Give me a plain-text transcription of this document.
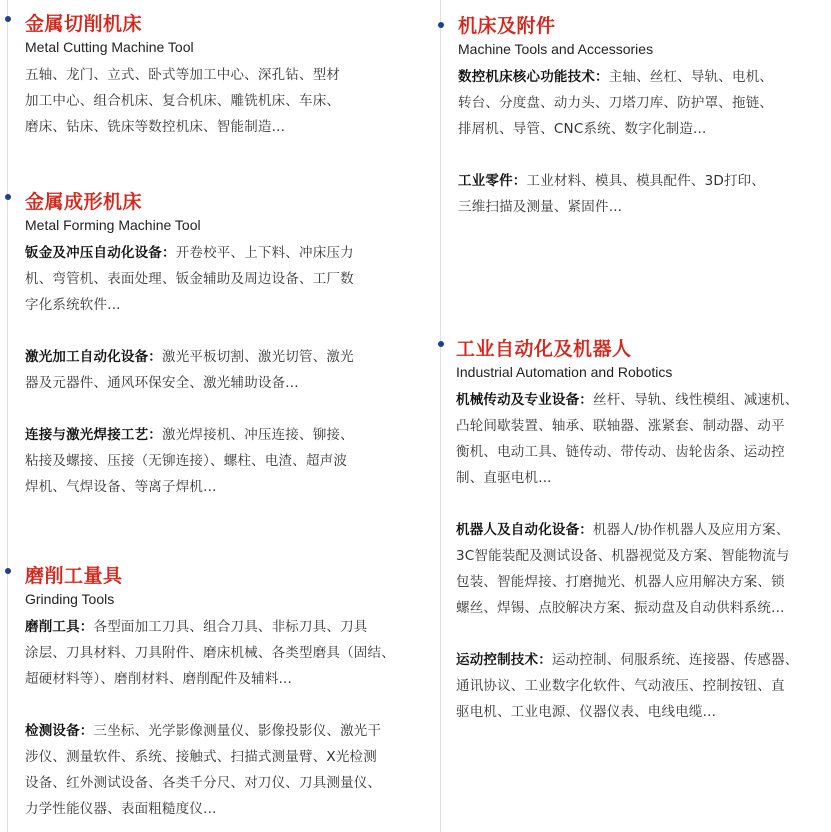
金属切削机床
Metal Cutting Machine Tool
五轴、龙门、立式、卧式等加工中心、深孔钻、型材
加工中心、组合机床、复合机床、雕铣机床、车床、
磨床、钻床、铣床等数控机床、智能制造...
金属成形机床
Metal Forming Machine Tool
钣金及冲压自动化设备：开卷校平、上下料、冲床压力
机、弯管机、表面处理、钣金辅助及周边设备、工厂数
字化系统软件...
激光加工自动化设备：激光平板切割、激光切管、激光
器及元器件、通风环保安全、激光辅助设备...
连接与激光焊接工艺：激光焊接机、冲压连接、铆接、
粘接及螺接、压接（无铆连接）、螺柱、电渣、超声波
焊机、气焊设备、等离子焊机...
磨削工量具
Grinding Tools
磨削工具：各型面加工刀具、组合刀具、非标刀具、刀具
涂层、刀具材料、刀具附件、磨床机械、各类型磨具（固结、
超硬材料等）、磨削材料、磨削配件及辅料...
检测设备：三坐标、光学影像测量仪、影像投影仪、激光干
涉仪、测量软件、系统、接触式、扫描式测量臂、X光检测
设备、红外测试设备、各类千分尺、对刀仪、刀具测量仪、
力学性能仪器、表面粗糙度仪...
机床及附件
Machine Tools and Accessories
数控机床核心功能技术：主轴、丝杠、导轨、电机、
转台、分度盘、动力头、刀塔刀库、防护罩、拖链、
排屑机、导管、CNC系统、数字化制造...
工业零件：工业材料、模具、模具配件、3D打印、
三维扫描及测量、紧固件...
工业自动化及机器人
Industrial Automation and Robotics
机械传动及专业设备：丝杆、导轨、线性模组、减速机、
凸轮间歇装置、轴承、联轴器、涨紧套、制动器、动平
衡机、电动工具、链传动、带传动、齿轮齿条、运动控
制、直驱电机...
机器人及自动化设备：机器人/协作机器人及应用方案、
3C智能装配及测试设备、机器视觉及方案、智能物流与
包装、智能焊接、打磨抛光、机器人应用解决方案、锁
螺丝、焊锡、点胶解决方案、振动盘及自动供料系统...
运动控制技术：运动控制、伺服系统、连接器、传感器、
通讯协议、工业数字化软件、气动液压、控制按钮、直
驱电机、工业电源、仪器仪表、电线电缆...
